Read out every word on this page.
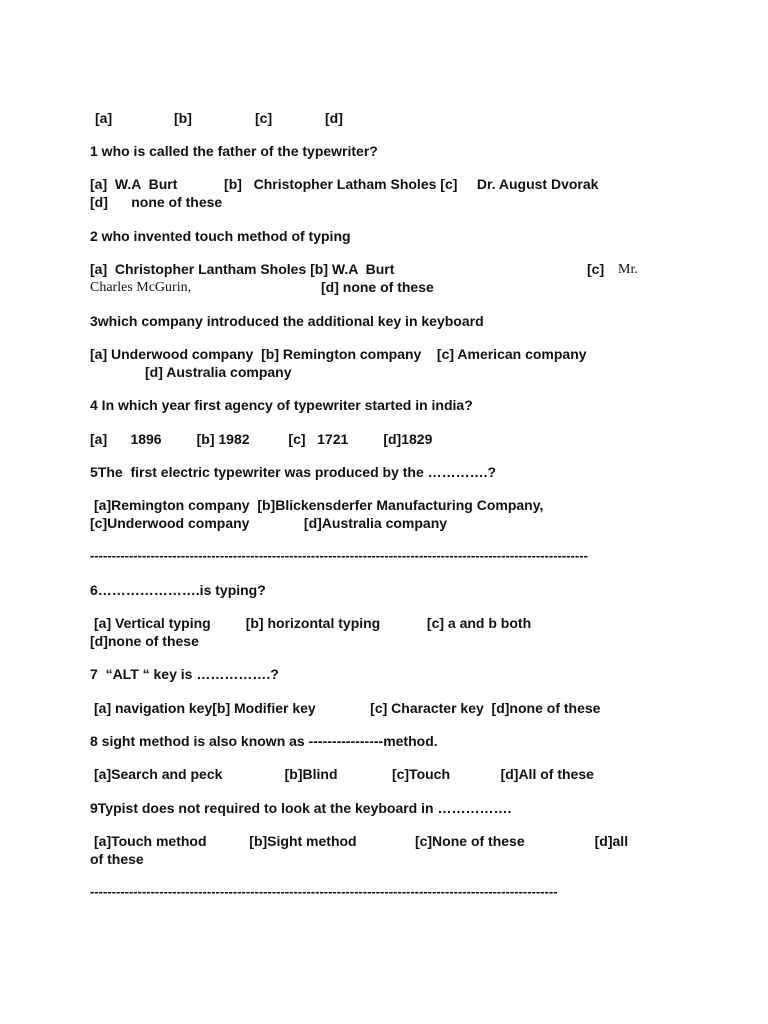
[a]	[b]	[c]	[d]
1 who is called the father of the typewriter?
[a]  W.A  Burt            [b]   Christopher Latham Sholes [c]     Dr. August Dvorak
[d]      none of these
2 who invented touch method of typing
[a]  Christopher Lantham Sholes [b] W.A  Burt	[c] Mr.
Charles McGurin,	[d] none of these
3which company introduced the additional key in keyboard
[a] Underwood company  [b] Remington company    [c] American company
[d] Australia company
4 In which year first agency of typewriter started in india?
[a]      1896         [b] 1982          [c]   1721         [d]1829
5The  first electric typewriter was produced by the ………….?
[a]Remington company  [b]Blickensderfer Manufacturing Company,
[c]Underwood company              [d]Australia company
-------------------------------------------------------------------------------------------------------------------
6………………….is typing?
[a] Vertical typing         [b] horizontal typing            [c] a and b both
[d]none of these
7  “ALT “ key is …………….?
[a] navigation key[b] Modifier key              [c] Character key  [d]none of these
8 sight method is also known as ----------------method.
[a]Search and peck                [b]Blind              [c]Touch             [d]All of these
9Typist does not required to look at the keyboard in …………….
[a]Touch method           [b]Sight method               [c]None of these                  [d]all
of these
------------------------------------------------------------------------------------------------------------
